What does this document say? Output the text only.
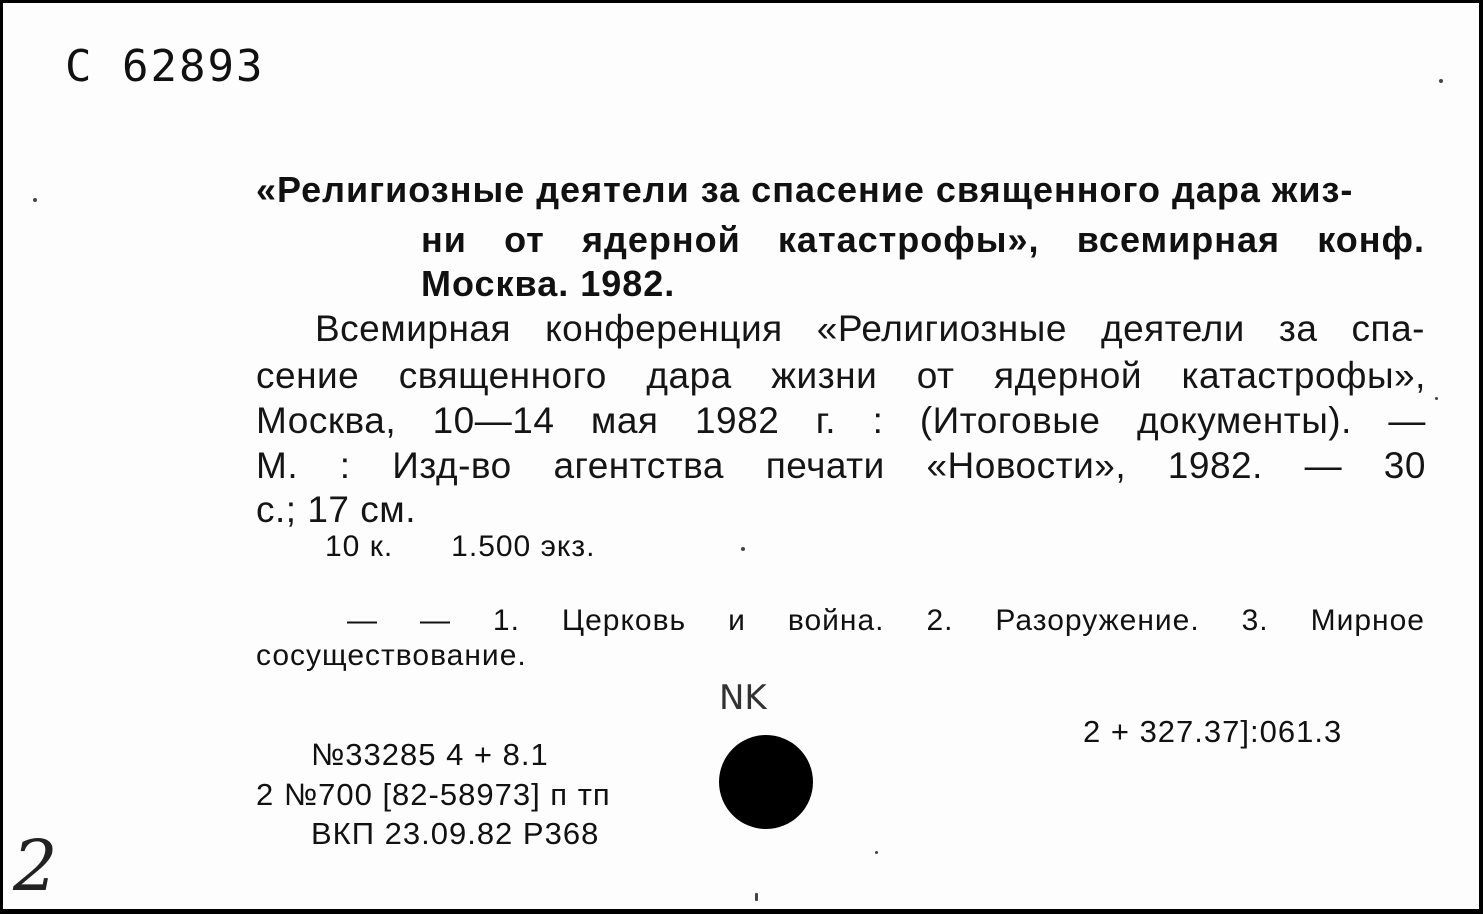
С 62893
«Религиозные деятели за спасение священного дара жиз-
ни от ядерной катастрофы», всемирная конф.
Москва. 1982.
Всемирная конференция «Религиозные деятели за спа-
сение священного дара жизни от ядерной катастрофы»,
Москва, 10—14 мая 1982 г. : (Итоговые документы). —
М. : Изд-во агентства печати «Новости», 1982. — 30
с.; 17 см.
10 к. 1.500 экз.
— — 1. Церковь и война. 2. Разоружение. 3. Мирное
сосуществование.
NK
2 + 327.37]:061.3
№33285 4 + 8.1
2 №700 [82-58973] п тп
ВКП 23.09.82 Р368
2
